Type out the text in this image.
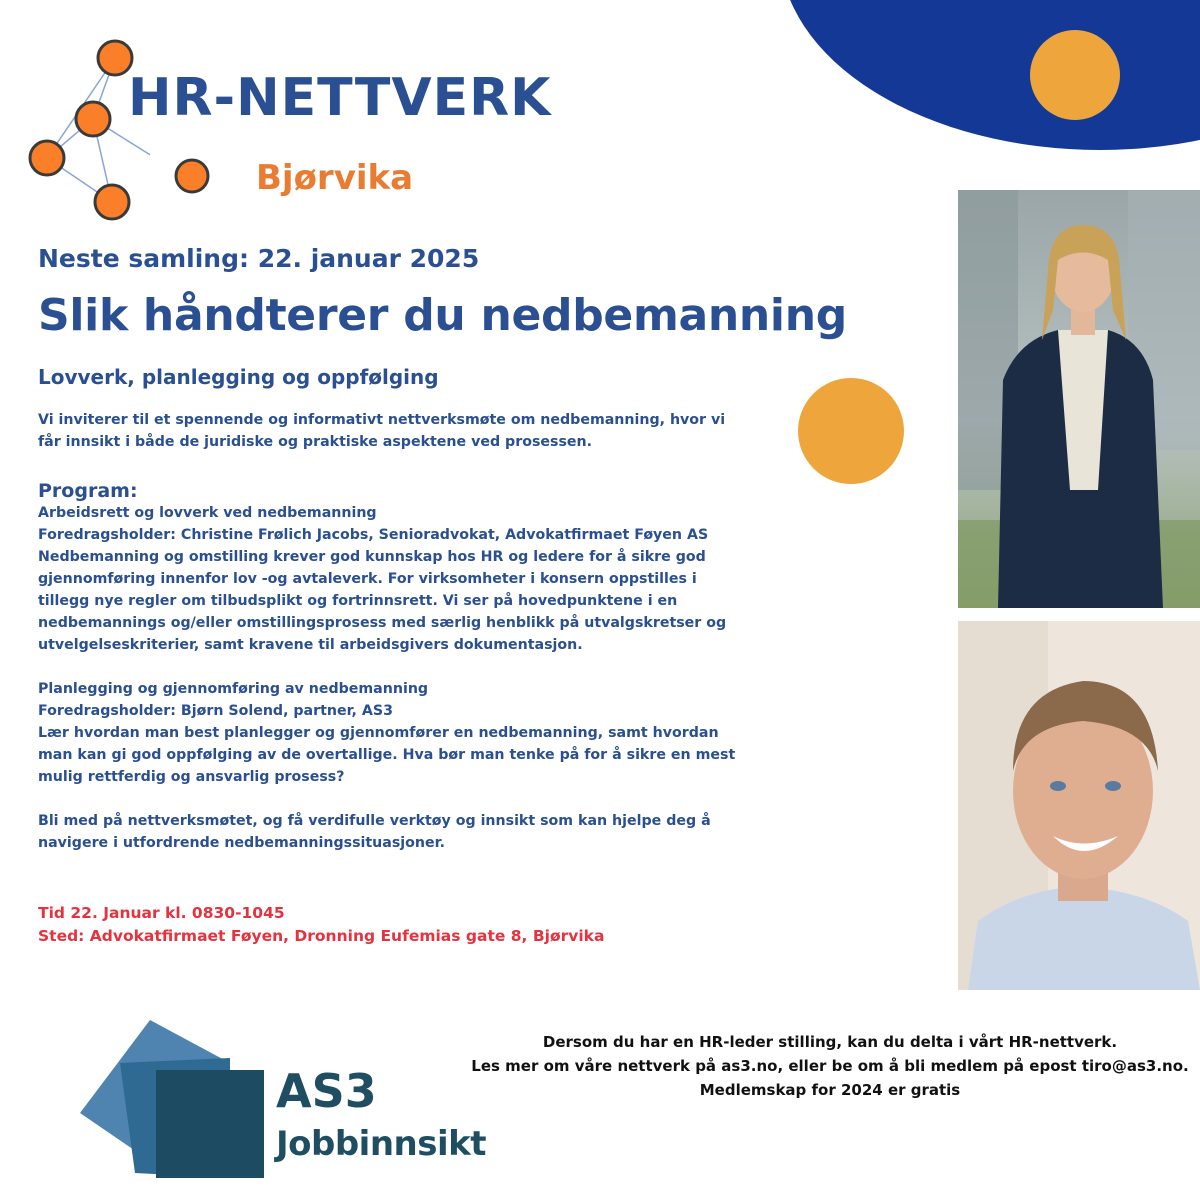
HR-NETTVERK
Bjørvika
Neste samling: 22. januar 2025
Slik håndterer du nedbemanning
Lovverk, planlegging og oppfølging

Vi inviterer til et spennende og informativt nettverksmøte om nedbemanning, hvor vi

får innsikt i både de juridiske og praktiske aspektene ved prosessen.

Program:

Arbeidsrett og lovverk ved nedbemanning

Foredragsholder: Christine Frølich Jacobs, Senioradvokat, Advokatfirmaet Føyen AS

Nedbemanning og omstilling krever god kunnskap hos HR og ledere for å sikre god

gjennomføring innenfor lov -og avtaleverk. For virksomheter i konsern oppstilles i

tillegg nye regler om tilbudsplikt og fortrinnsrett. Vi ser på hovedpunktene i en

nedbemannings og/eller omstillingsprosess med særlig henblikk på utvalgskretser og

utvelgelseskriterier, samt kravene til arbeidsgivers dokumentasjon.

Planlegging og gjennomføring av nedbemanning

Foredragsholder: Bjørn Solend, partner, AS3

Lær hvordan man best planlegger og gjennomfører en nedbemanning, samt hvordan

man kan gi god oppfølging av de overtallige. Hva bør man tenke på for å sikre en mest

mulig rettferdig og ansvarlig prosess?

Bli med på nettverksmøtet, og få verdifulle verktøy og innsikt som kan hjelpe deg å

navigere i utfordrende nedbemanningssituasjoner.

Tid 22. Januar kl. 0830-1045
Sted: Advokatfirmaet Føyen, Dronning Eufemias gate 8, Bjørvika
AS3
Jobbinnsikt
Dersom du har en HR-leder stilling, kan du delta i vårt HR-nettverk.
Les mer om våre nettverk på as3.no, eller be om å bli medlem på epost tiro@as3.no.
Medlemskap for 2024 er gratis
